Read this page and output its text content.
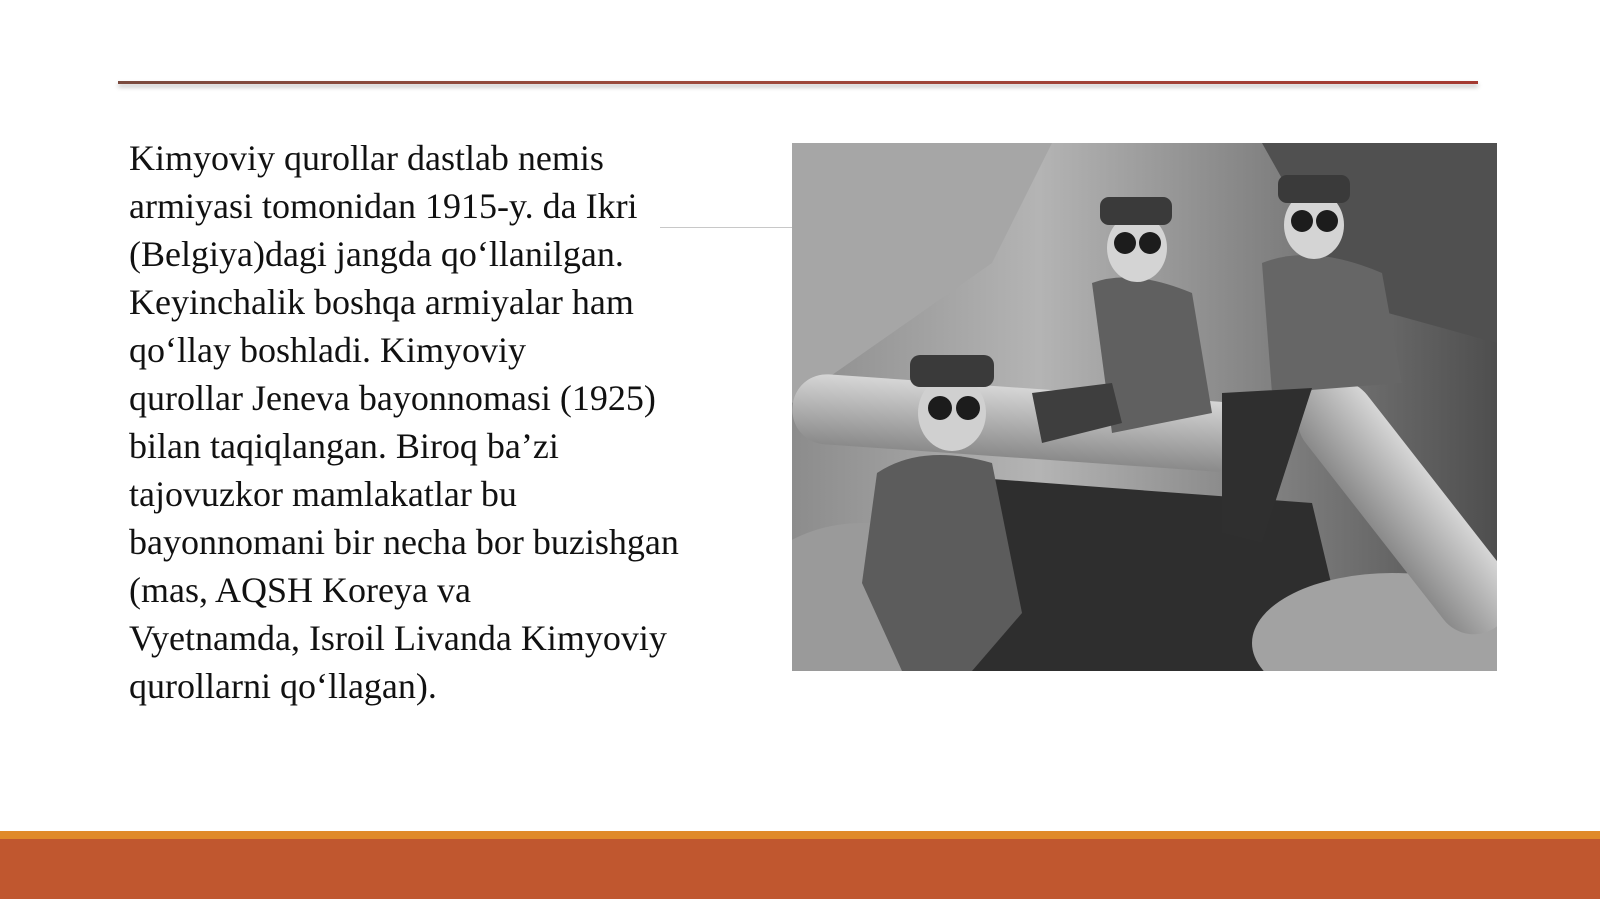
Kimyoviy qurollar dastlab nemis
armiyasi tomonidan 1915-y. da Ikri
(Belgiya)dagi jangda qo‘llanilgan.
Keyinchalik boshqa armiyalar ham
qo‘llay boshladi. Kimyoviy
qurollar Jeneva bayonnomasi (1925)
bilan taqiqlangan. Biroq ba’zi
tajovuzkor mamlakatlar bu
bayonnomani bir necha bor buzishgan
(mas, AQSH Koreya va
Vyetnamda, Isroil Livanda Kimyoviy
qurollarni qo‘llagan).
